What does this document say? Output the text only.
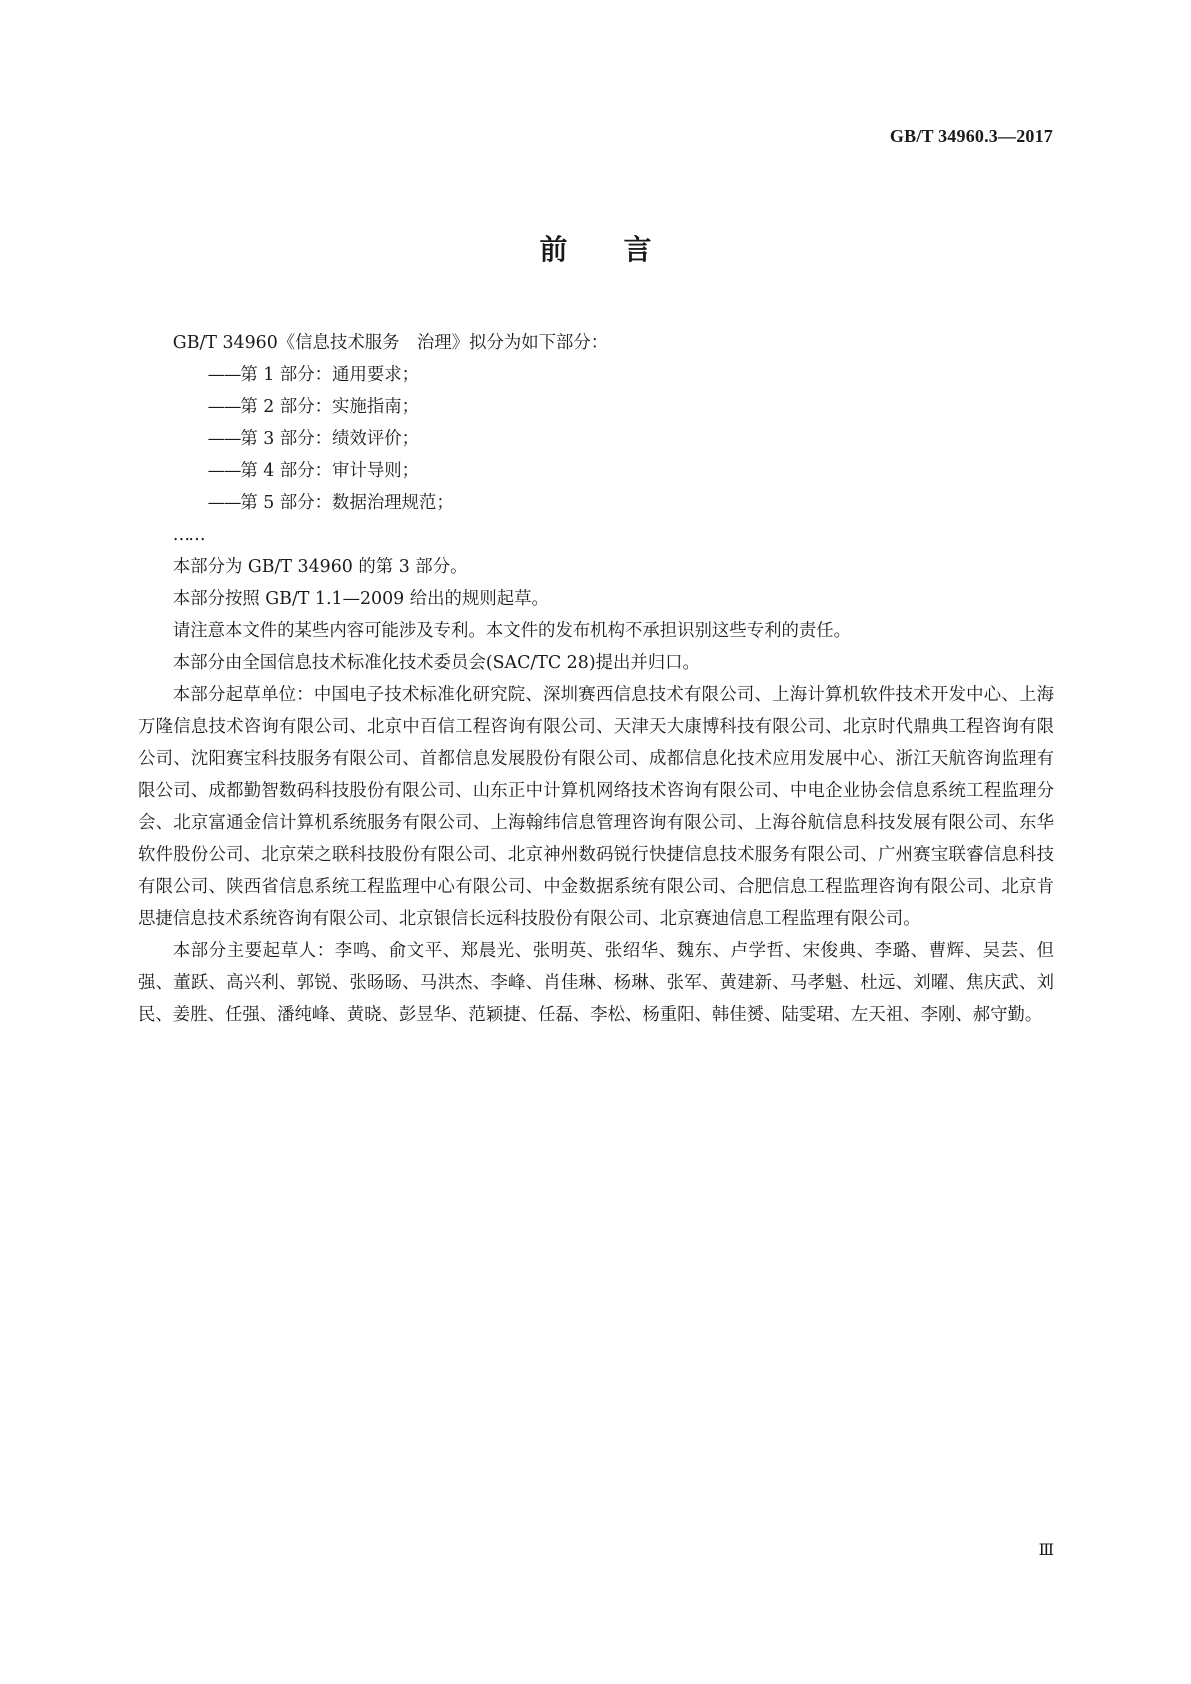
GB/T 34960.3—2017
前 言

GB/T 34960《信息技术服务　治理》拟分为如下部分：

——第 1 部分：通用要求；

——第 2 部分：实施指南；

——第 3 部分：绩效评价；

——第 4 部分：审计导则；

——第 5 部分：数据治理规范；

……

本部分为 GB/T 34960 的第 3 部分。

本部分按照 GB/T 1.1—2009 给出的规则起草。

请注意本文件的某些内容可能涉及专利。本文件的发布机构不承担识别这些专利的责任。

本部分由全国信息技术标准化技术委员会(SAC/TC 28)提出并归口。

本部分起草单位：中国电子技术标准化研究院、深圳赛西信息技术有限公司、上海计算机软件技术开发中心、上海万隆信息技术咨询有限公司、北京中百信工程咨询有限公司、天津天大康博科技有限公司、北京时代鼎典工程咨询有限公司、沈阳赛宝科技服务有限公司、首都信息发展股份有限公司、成都信息化技术应用发展中心、浙江天航咨询监理有限公司、成都勤智数码科技股份有限公司、山东正中计算机网络技术咨询有限公司、中电企业协会信息系统工程监理分会、北京富通金信计算机系统服务有限公司、上海翰纬信息管理咨询有限公司、上海谷航信息科技发展有限公司、东华软件股份公司、北京荣之联科技股份有限公司、北京神州数码锐行快捷信息技术服务有限公司、广州赛宝联睿信息科技有限公司、陕西省信息系统工程监理中心有限公司、中金数据系统有限公司、合肥信息工程监理咨询有限公司、北京肯思捷信息技术系统咨询有限公司、北京银信长远科技股份有限公司、北京赛迪信息工程监理有限公司。

本部分主要起草人：李鸣、俞文平、郑晨光、张明英、张绍华、魏东、卢学哲、宋俊典、李璐、曹辉、吴芸、但强、董跃、高兴利、郭锐、张旸旸、马洪杰、李峰、肖佳琳、杨琳、张军、黄建新、马孝魁、杜远、刘曜、焦庆武、刘民、姜胜、任强、潘纯峰、黄晓、彭昱华、范颖捷、任磊、李松、杨重阳、韩佳赟、陆雯珺、左天祖、李刚、郝守勤。

Ⅲ
